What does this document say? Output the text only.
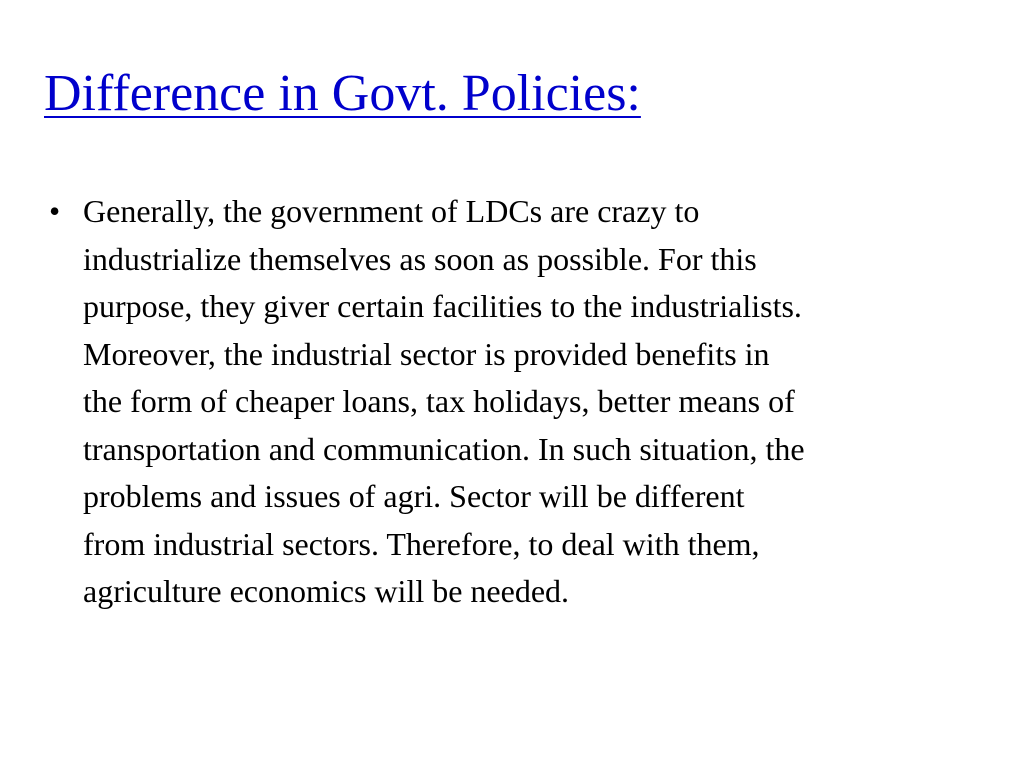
Difference in Govt. Policies:
• Generally, the government of LDCs are crazy to
industrialize themselves as soon as possible. For this
purpose, they giver certain facilities to the industrialists.
Moreover, the industrial sector is provided benefits in
the form of cheaper loans, tax holidays, better means of
transportation and communication. In such situation, the
problems and issues of agri. Sector will be different
from industrial sectors. Therefore, to deal with them,
agriculture economics will be needed.
